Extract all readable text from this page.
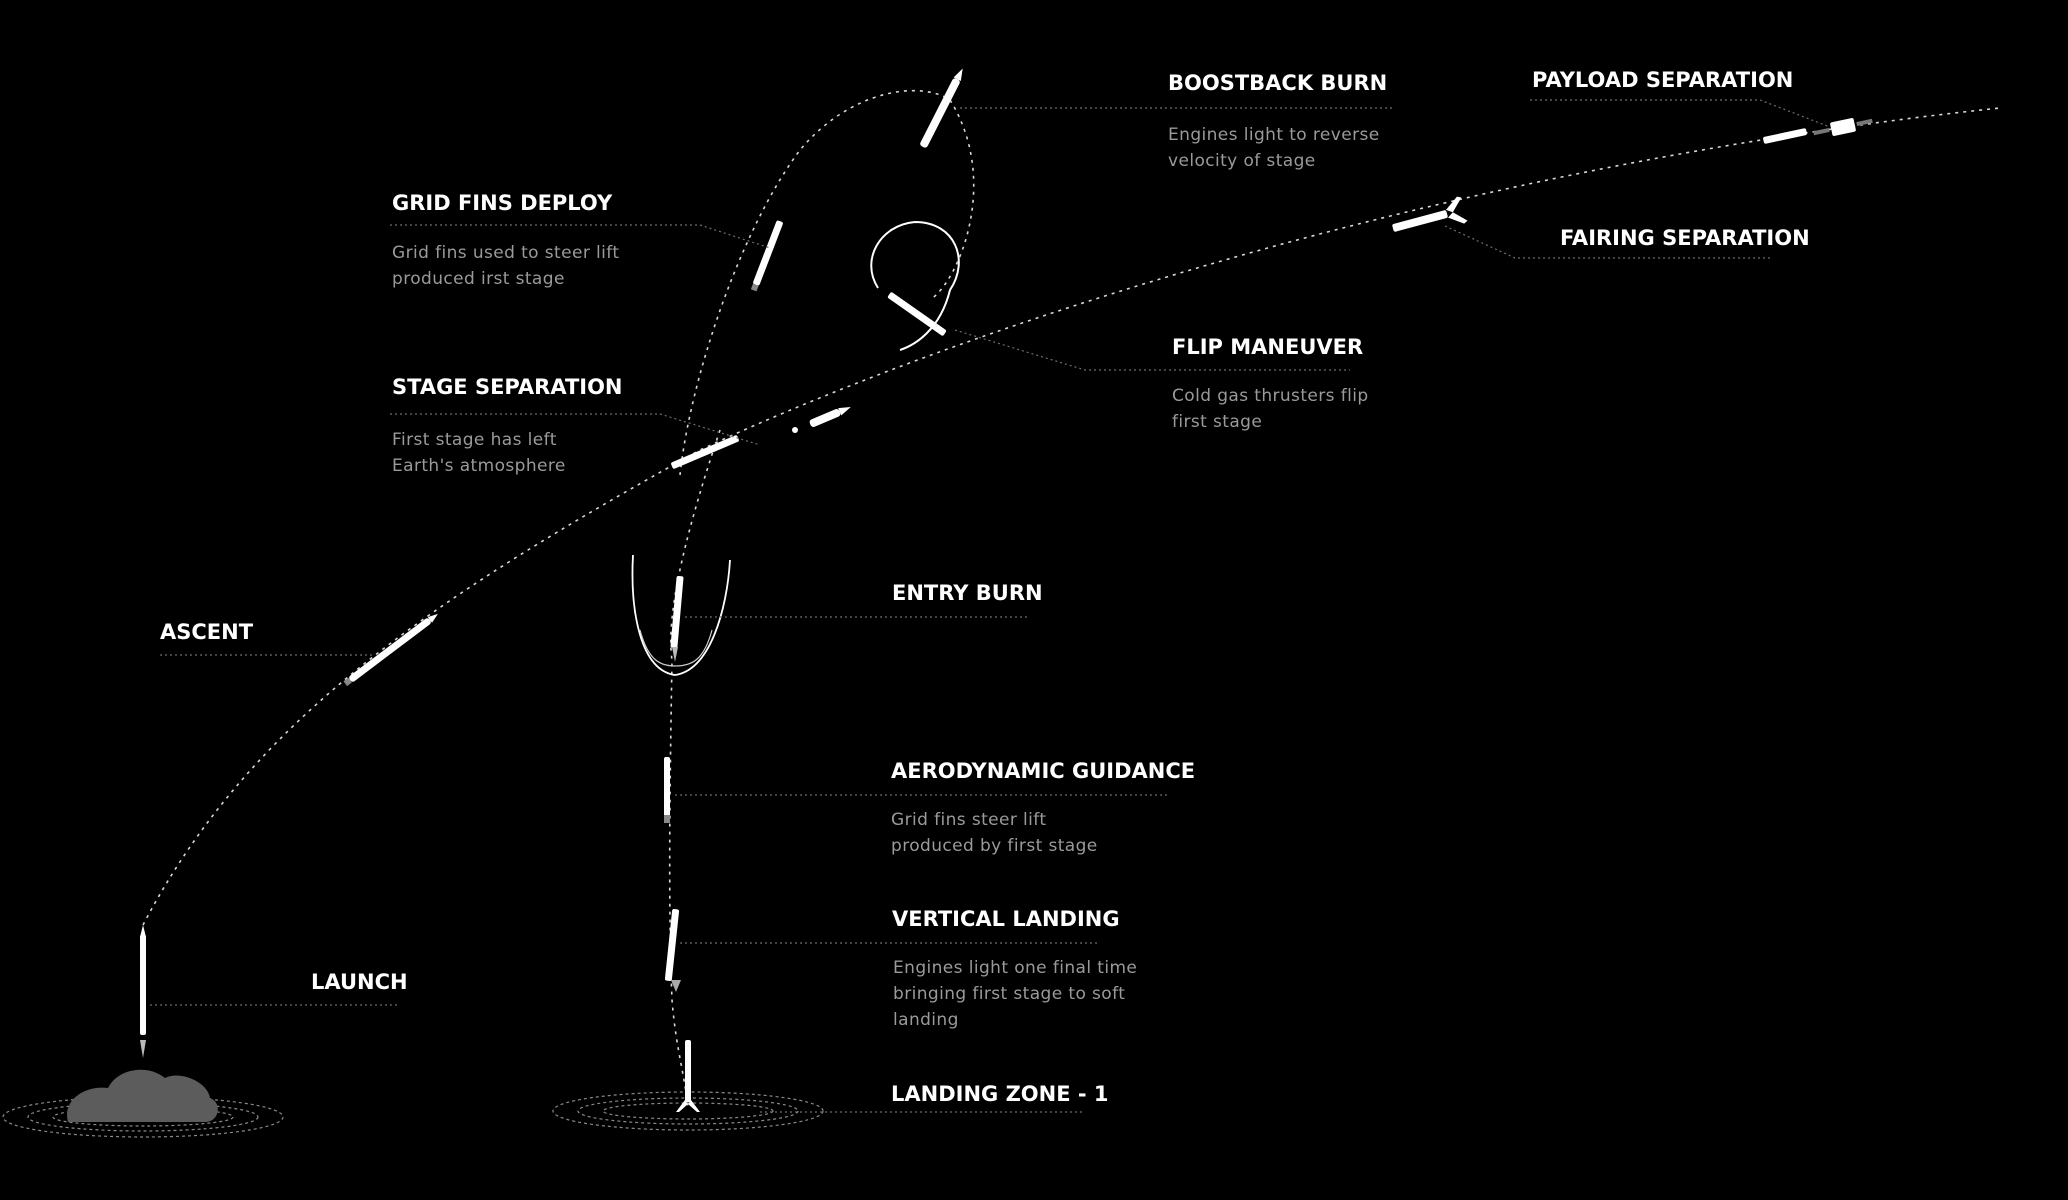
LAUNCH
ASCENT
STAGE SEPARATION
First stage has left
Earth's atmosphere
GRID FINS DEPLOY
Grid fins used to steer lift
produced irst stage
BOOSTBACK BURN
Engines light to reverse
velocity of stage
FLIP MANEUVER
Cold gas thrusters flip
first stage
PAYLOAD SEPARATION
FAIRING SEPARATION
ENTRY BURN
AERODYNAMIC GUIDANCE
Grid fins steer lift
produced by first stage
VERTICAL LANDING
Engines light one final time
bringing first stage to soft
landing
LANDING ZONE - 1
